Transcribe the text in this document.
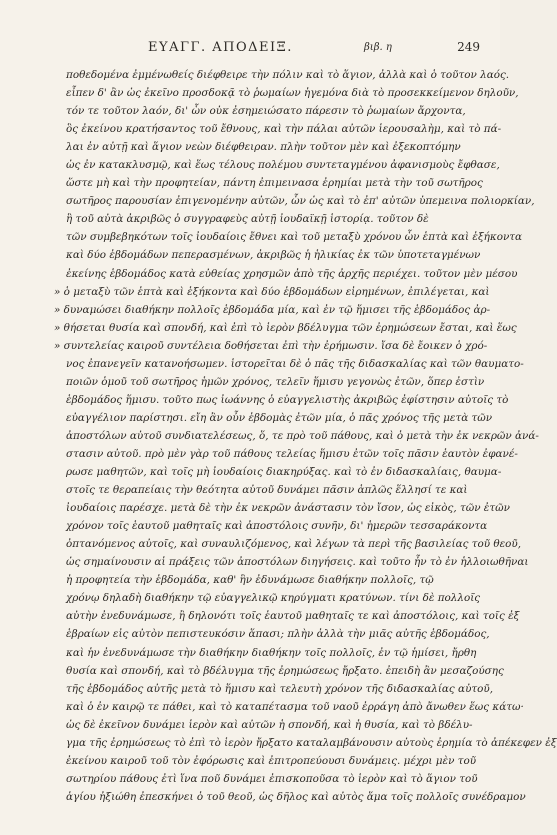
ΕΥΑΓΓ. ΑΠΟΔΕΙΞ.	βιβ. η	249
ποθεδομένα ἐμμένωθείς διέφθειρε τὴν πόλιν καὶ τὸ ἅγιον, ἀλλὰ καὶ ὁ τοῦτον λαός.
εἶπεν δ' ἂν ὡς ἐκεῖνο προσδοκᾷ τὸ ῥωμαίων ἡγεμόνα διὰ τὸ προσεκκείμενον δηλοῦν,
τόν τε τοῦτον λαόν, δι' ὧν οὐκ ἐσημειώσατο πάρεσιν τὸ ῥωμαίων ἄρχοντα,
ὃς ἐκείνου κρατήσαντος τοῦ ἔθνους, καὶ τὴν πάλαι αὐτῶν ἱερουσαλὴμ, καὶ τὸ πά-
λαι ἐν αὐτῇ καὶ ἅγιον νεὼν διέφθειραν. πλὴν τοῦτον μὲν καὶ ἐξεκοπτόμην
ὡς ἐν κατακλυσμῷ, καὶ ἕως τέλους πολέμου συντεταγμένου ἀφανισμοὺς ἔφθασε,
ὥστε μὴ καὶ τὴν προφητείαν, πάντη ἐπιμεινασα ἐρημίαι μετὰ τὴν τοῦ σωτῆρος
σωτῆρος παρουσίαν ἐπιγενομένην αὐτῶν, ὧν ὡς καὶ τὸ ἐπ' αὐτῶν ὑπεμεινα πολιορκίαν,
ἣ τοῦ αὐτὰ ἀκριβῶς ὁ συγγραφεὺς αὐτῇ ἰουδαϊκῇ ἱστορίᾳ. τοῦτον δὲ
τῶν συμβεβηκότων τοῖς ἰουδαίοις ἔθνει καὶ τοῦ μεταξὺ χρόνου ὧν ἑπτὰ καὶ ἑξήκοντα
καὶ δύο ἑβδομάδων πεπερασμένων, ἀκριβῶς ἡ ἡλικίας ἐκ τῶν ὑποτεταγμένων
ἐκείνης ἑβδομάδος κατὰ εὐθείας χρησμῶν ἀπὸ τῆς ἀρχῆς περιέχει. τοῦτον μὲν μέσου
» ὁ μεταξὺ τῶν ἑπτὰ καὶ ἑξήκοντα καὶ δύο ἑβδομάδων εἰρημένων, ἐπιλέγεται, καὶ
» δυναμώσει διαθήκην πολλοῖς ἑβδομάδα μία, καὶ ἐν τῷ ἥμισει τῆς ἑβδομάδος ἀρ-
» θήσεται θυσία καὶ σπονδή, καὶ ἐπὶ τὸ ἱερὸν βδέλυγμα τῶν ἐρημώσεων ἔσται, καὶ ἕως
» συντελείας καιροῦ συντέλεια δοθήσεται ἐπὶ τὴν ἐρήμωσιν. ἴσα δὲ ἔοικεν ὁ χρό-
νος ἐπανεγεῖν κατανοήσωμεν. ἱστορεῖται δὲ ὁ πᾶς τῆς διδασκαλίας καὶ τῶν θαυματο-
ποιῶν ὁμοῦ τοῦ σωτῆρος ἡμῶν χρόνος, τελεῖν ἥμισυ γεγονὼς ἐτῶν, ὅπερ ἐστὶν
ἑβδομάδος ἥμισυ. τοῦτο πως ἰωάννης ὁ εὐαγγελιστὴς ἀκριβῶς ἐφίστησιν αὐτοῖς τὸ
εὐαγγέλιον παρίστησι. εἴη ἂν οὖν ἑβδομὰς ἐτῶν μία, ὁ πᾶς χρόνος τῆς μετὰ τῶν
ἀποστόλων αὐτοῦ συνδιατελέσεως, ὅ, τε πρὸ τοῦ πάθους, καὶ ὁ μετὰ τὴν ἐκ νεκρῶν ἀνά-
στασιν αὐτοῦ. πρὸ μὲν γὰρ τοῦ πάθους τελείας ἥμισυ ἐτῶν τοῖς πᾶσιν ἑαυτὸν ἐφανέ-
ρωσε μαθητῶν, καὶ τοῖς μὴ ἰουδαίοις διακηρύξας. καὶ τὸ ἐν διδασκαλίαις, θαυμα-
στοῖς τε θεραπείαις τὴν θεότητα αὐτοῦ δυνάμει πᾶσιν ἁπλῶς ἕλλησί τε καὶ
ἰουδαίοις παρέσχε. μετὰ δὲ τὴν ἐκ νεκρῶν ἀνάστασιν τὸν ἴσον, ὡς εἰκὸς, τῶν ἐτῶν
χρόνον τοῖς ἑαυτοῦ μαθηταῖς καὶ ἀποστόλοις συνῆν, δι' ἡμερῶν τεσσαράκοντα
ὀπτανόμενος αὐτοῖς, καὶ συναυλιζόμενος, καὶ λέγων τὰ περὶ τῆς βασιλείας τοῦ θεοῦ,
ὡς σημαίνουσιν αἱ πράξεις τῶν ἀποστόλων διηγήσεις. καὶ τοῦτο ἦν τὸ ἐν ἡλλοιωθῆναι
ἡ προφητεία τὴν ἑβδομάδα, καθ' ἣν ἐδυνάμωσε διαθήκην πολλοῖς, τῷ
χρόνῳ δηλαδὴ διαθήκην τῷ εὐαγγελικῷ κηρύγματι κρατύνων. τίνι δὲ πολλοῖς
αὐτὴν ἐνεδυνάμωσε, ἢ δηλονότι τοῖς ἑαυτοῦ μαθηταῖς τε καὶ ἀποστόλοις, καὶ τοῖς ἐξ
ἑβραίων εἰς αὐτὸν πεπιστευκόσιν ἅπασι; πλὴν ἀλλὰ τὴν μιᾶς αὐτῆς ἑβδομάδος,
καὶ ἡν ἐνεδυνάμωσε τὴν διαθήκην διαθήκην τοῖς πολλοῖς, ἐν τῷ ἡμίσει, ἤρθη
θυσία καὶ σπονδή, καὶ τὸ βδέλυγμα τῆς ἐρημώσεως ἤρξατο. ἐπειδὴ ἂν μεσαζούσης
τῆς ἑβδομάδος αὐτῆς μετὰ τὸ ἥμισυ καὶ τελευτὴ χρόνον τῆς διδασκαλίας αὐτοῦ,
καὶ ὁ ἐν καιρῷ τε πάθει, καὶ τὸ καταπέτασμα τοῦ ναοῦ ἐρράγη ἀπὸ ἄνωθεν ἕως κάτω·
ὡς δὲ ἐκεῖνον δυνάμει ἱερὸν καὶ αὐτῶν ἡ σπονδή, καὶ ἡ θυσία, καὶ τὸ βδέλυ-
γμα τῆς ἐρημώσεως τὸ ἐπὶ τὸ ἱερὸν ἤρξατο καταλαμβάνουσιν αὐτοὺς ἐρημία τὸ ἀπέκεφεν ἐξ
ἐκείνου καιροῦ τοῦ τὸν ἐφόρωσις καὶ ἐπιτροπεύουσι δυνάμεις. μέχρι μὲν τοῦ
σωτηρίου πάθους ἐτὶ ἵνα ποῦ δυνάμει ἐπισκοποῦσα τὸ ἱερὸν καὶ τὸ ἅγιον τοῦ
ἁγίου ἠξιώθη ἐπεσκήνει ὁ τοῦ θεοῦ, ὡς δῆλος καὶ αὐτὸς ἅμα τοῖς πολλοῖς συνέδραμον
